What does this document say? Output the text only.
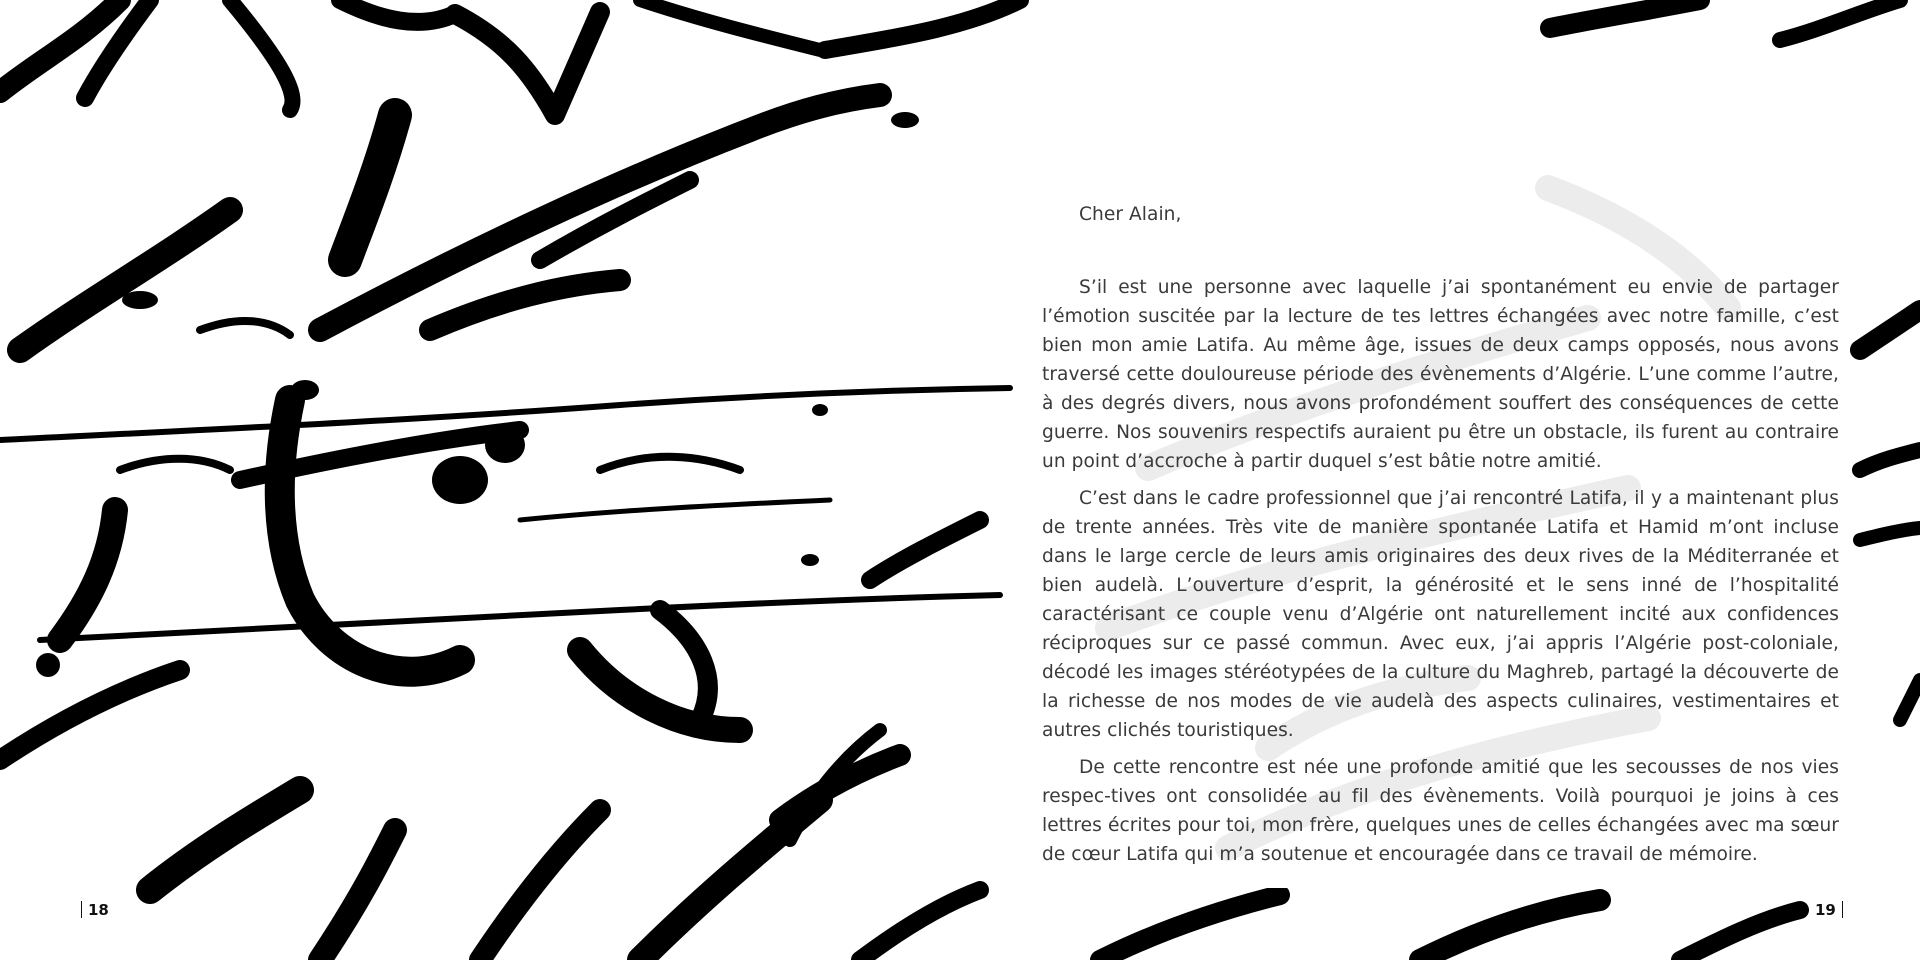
Cher Alain,

S’il est une personne avec laquelle j’ai spontanément eu envie de partager l’émotion suscitée par la lecture de tes lettres échangées avec notre famille, c’est bien mon amie Latifa. Au même âge, issues de deux camps opposés, nous avons traversé cette douloureuse période des évènements d’Algérie. L’une comme l’autre, à des degrés divers, nous avons profondément souffert des conséquences de cette guerre. Nos souvenirs respectifs auraient pu être un obstacle, ils furent au contraire un point d’accroche à partir duquel s’est bâtie notre amitié.

C’est dans le cadre professionnel que j’ai rencontré Latifa, il y a maintenant plus de trente années. Très vite de manière spontanée Latifa et Hamid m’ont incluse dans le large cercle de leurs amis originaires des deux rives de la Méditerranée et bien audelà. L’ouverture d’esprit, la générosité et le sens inné de l’hospitalité caractérisant ce couple venu d’Algérie ont naturellement incité aux confidences réciproques sur ce passé commun. Avec eux, j’ai appris l’Algérie post-coloniale, décodé les images stéréotypées de la culture du Maghreb, partagé la découverte de la richesse de nos modes de vie audelà des aspects culinaires, vestimentaires et autres clichés touristiques.

De cette rencontre est née une profonde amitié que les secousses de nos vies respec-tives ont consolidée au fil des évènements. Voilà pourquoi je joins à ces lettres écrites pour toi, mon frère, quelques unes de celles échangées avec ma sœur de cœur Latifa qui m’a soutenue et encouragée dans ce travail de mémoire.

18	19
